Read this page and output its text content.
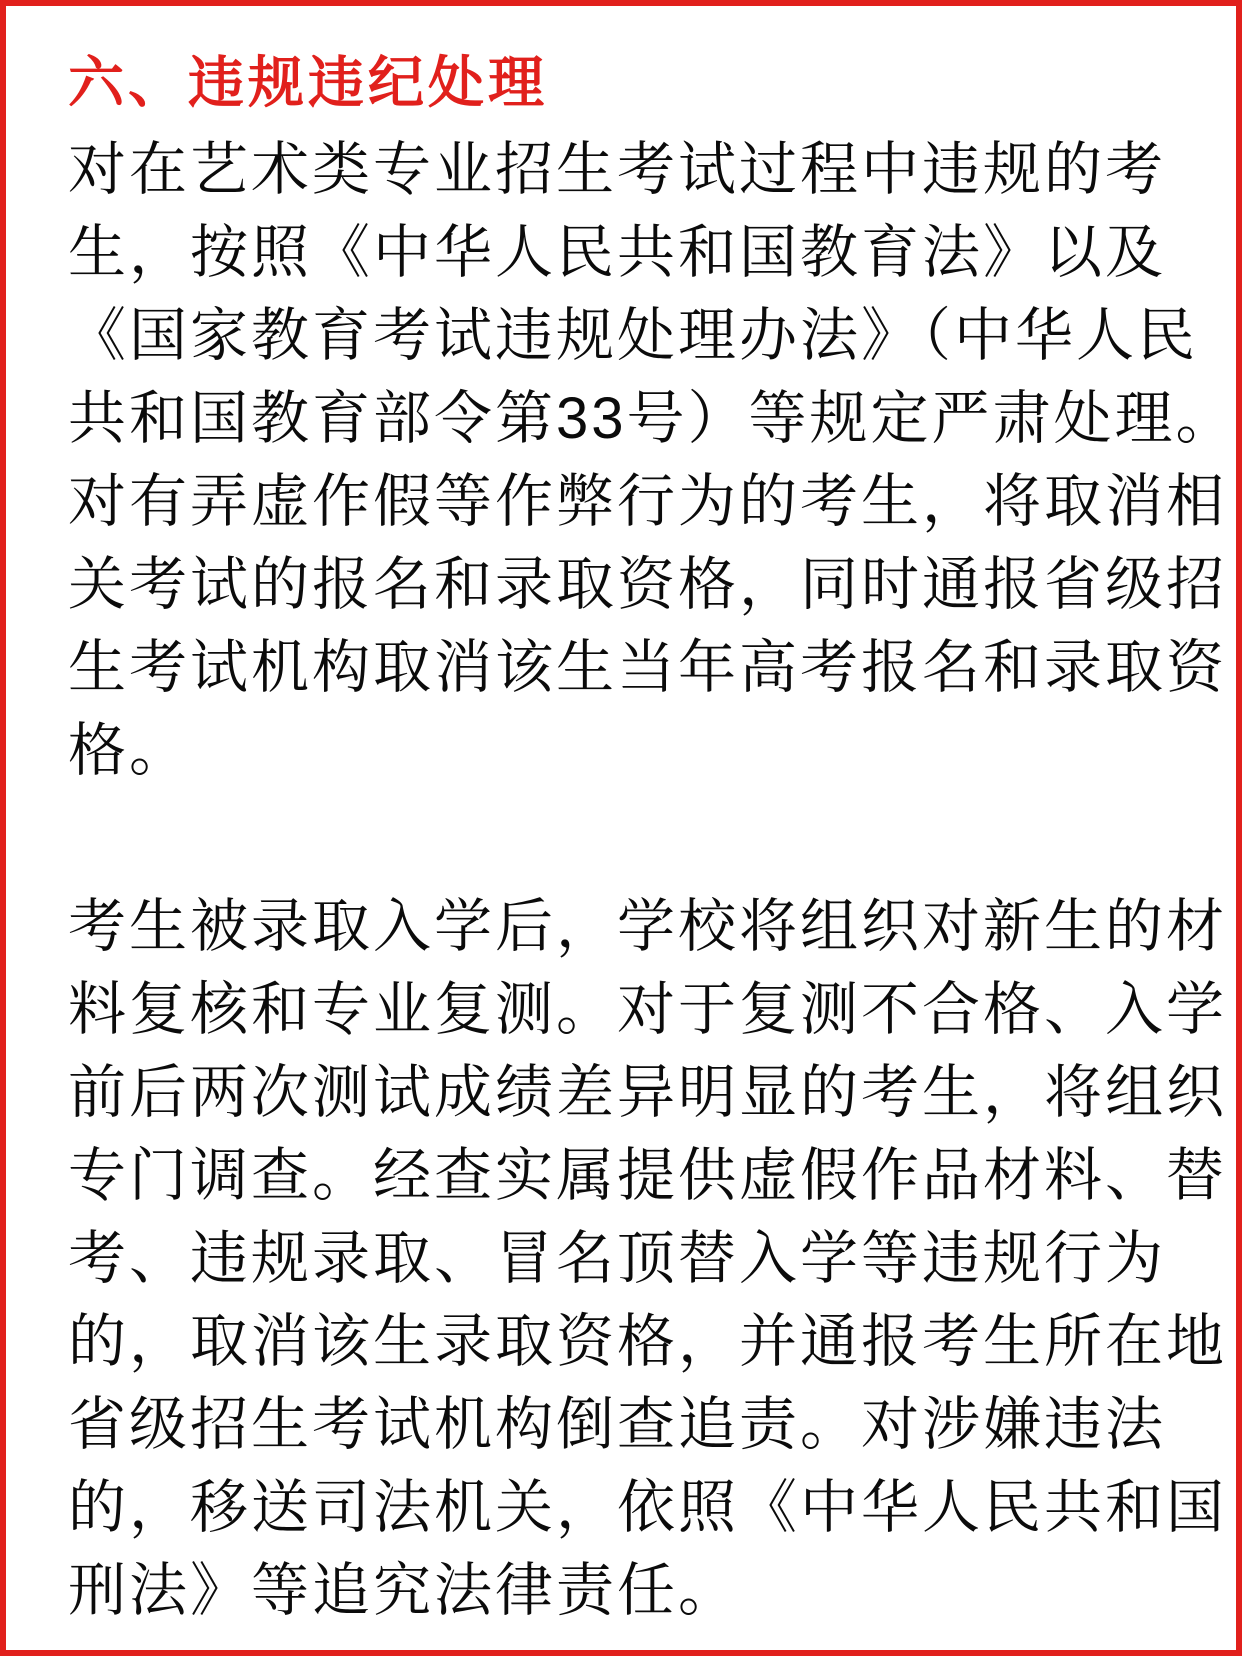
六、违规违纪处理
对在艺术类专业招生考试过程中违规的考
生，按照《中华人民共和国教育法》以及
《国家教育考试违规处理办法》（中华人民
共和国教育部令第33号）等规定严肃处理。
对有弄虚作假等作弊行为的考生，将取消相
关考试的报名和录取资格，同时通报省级招
生考试机构取消该生当年高考报名和录取资
格。
考生被录取入学后，学校将组织对新生的材
料复核和专业复测。对于复测不合格、入学
前后两次测试成绩差异明显的考生，将组织
专门调查。经查实属提供虚假作品材料、替
考、违规录取、冒名顶替入学等违规行为
的，取消该生录取资格，并通报考生所在地
省级招生考试机构倒查追责。对涉嫌违法
的，移送司法机关，依照《中华人民共和国
刑法》等追究法律责任。
